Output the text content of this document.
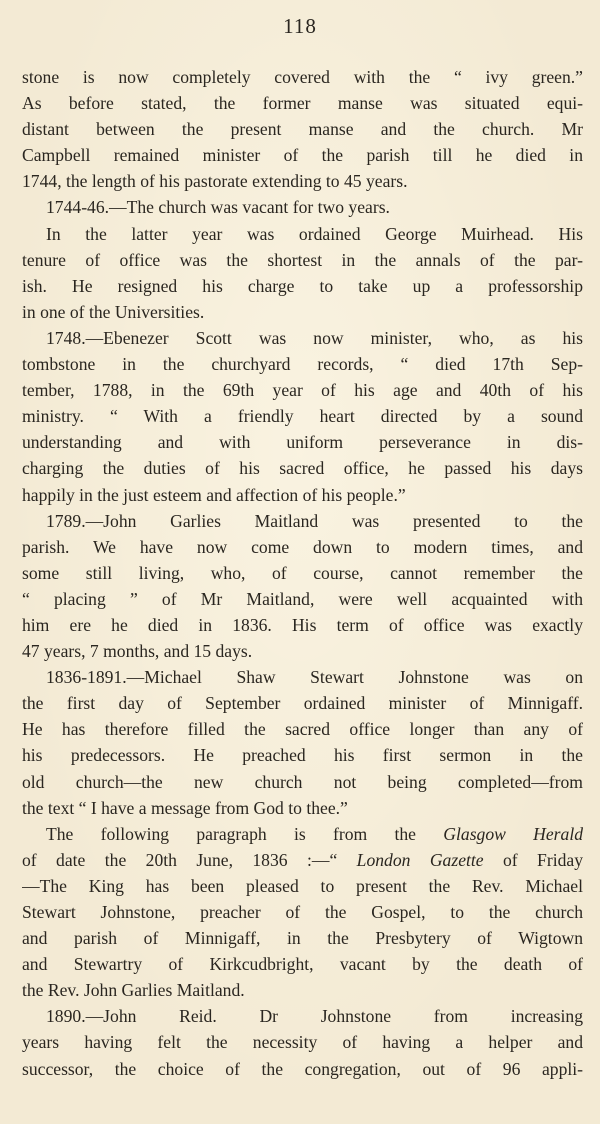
118
stone is now completely covered with the “ ivy green.”
As before stated, the former manse was situated equi-
distant between the present manse and the church. Mr
Campbell remained minister of the parish till he died in
1744, the length of his pastorate extending to 45 years.
1744-46.—The church was vacant for two years.
In the latter year was ordained George Muirhead. His
tenure of office was the shortest in the annals of the par-
ish. He resigned his charge to take up a professorship
in one of the Universities.
1748.—Ebenezer Scott was now minister, who, as his
tombstone in the churchyard records, “ died 17th Sep-
tember, 1788, in the 69th year of his age and 40th of his
ministry. “ With a friendly heart directed by a sound
understanding and with uniform perseverance in dis-
charging the duties of his sacred office, he passed his days
happily in the just esteem and affection of his people.”
1789.—John Garlies Maitland was presented to the
parish. We have now come down to modern times, and
some still living, who, of course, cannot remember the
“ placing ” of Mr Maitland, were well acquainted with
him ere he died in 1836. His term of office was exactly
47 years, 7 months, and 15 days.
1836-1891.—Michael Shaw Stewart Johnstone was on
the first day of September ordained minister of Minnigaff.
He has therefore filled the sacred office longer than any of
his predecessors. He preached his first sermon in the
old church—the new church not being completed—from
the text “ I have a message from God to thee.”
The following paragraph is from the Glasgow Herald
of date the 20th June, 1836 :—“ London Gazette of Friday
—The King has been pleased to present the Rev. Michael
Stewart Johnstone, preacher of the Gospel, to the church
and parish of Minnigaff, in the Presbytery of Wigtown
and Stewartry of Kirkcudbright, vacant by the death of
the Rev. John Garlies Maitland.
1890.—John Reid. Dr Johnstone from increasing
years having felt the necessity of having a helper and
successor, the choice of the congregation, out of 96 appli-
